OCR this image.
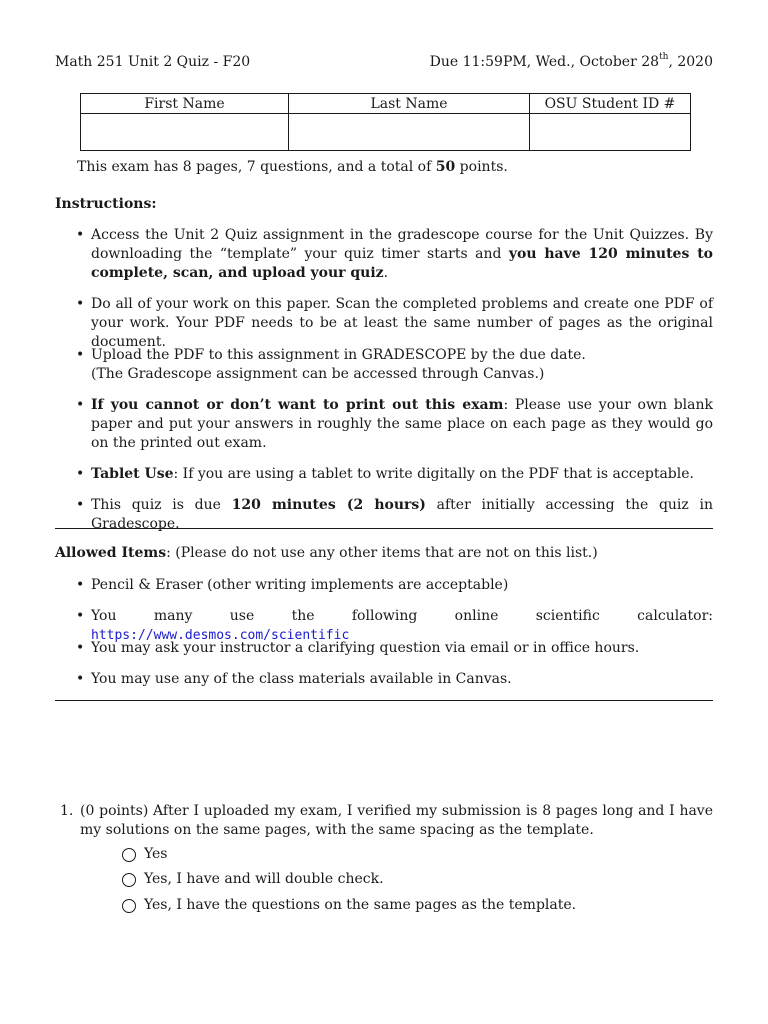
Math 251 Unit 2 Quiz - F20	Due 11:59PM, Wed., October 28th, 2020
First Name	Last Name	OSU Student ID #

This exam has 8 pages, 7 questions, and a total of 50 points.
Instructions:
• Access the Unit 2 Quiz assignment in the gradescope course for the Unit Quizzes. By downloading the “template” your quiz timer starts and you have 120 minutes to complete, scan, and upload your quiz.
• Do all of your work on this paper. Scan the completed problems and create one PDF of your work. Your PDF needs to be at least the same number of pages as the original document.
• Upload the PDF to this assignment in GRADESCOPE by the due date.
(The Gradescope assignment can be accessed through Canvas.)
• If you cannot or don’t want to print out this exam: Please use your own blank paper and put your answers in roughly the same place on each page as they would go on the printed out exam.
• Tablet Use: If you are using a tablet to write digitally on the PDF that is acceptable.
• This quiz is due 120 minutes (2 hours) after initially accessing the quiz in Gradescope.
Allowed Items: (Please do not use any other items that are not on this list.)
• Pencil & Eraser (other writing implements are acceptable)
• You many use the following online scientific calculator: https://www.desmos.com/scientific
• You may ask your instructor a clarifying question via email or in office hours.
• You may use any of the class materials available in Canvas.
1. (0 points) After I uploaded my exam, I verified my submission is 8 pages long and I have my solutions on the same pages, with the same spacing as the template.
Yes
Yes, I have and will double check.
Yes, I have the questions on the same pages as the template.
